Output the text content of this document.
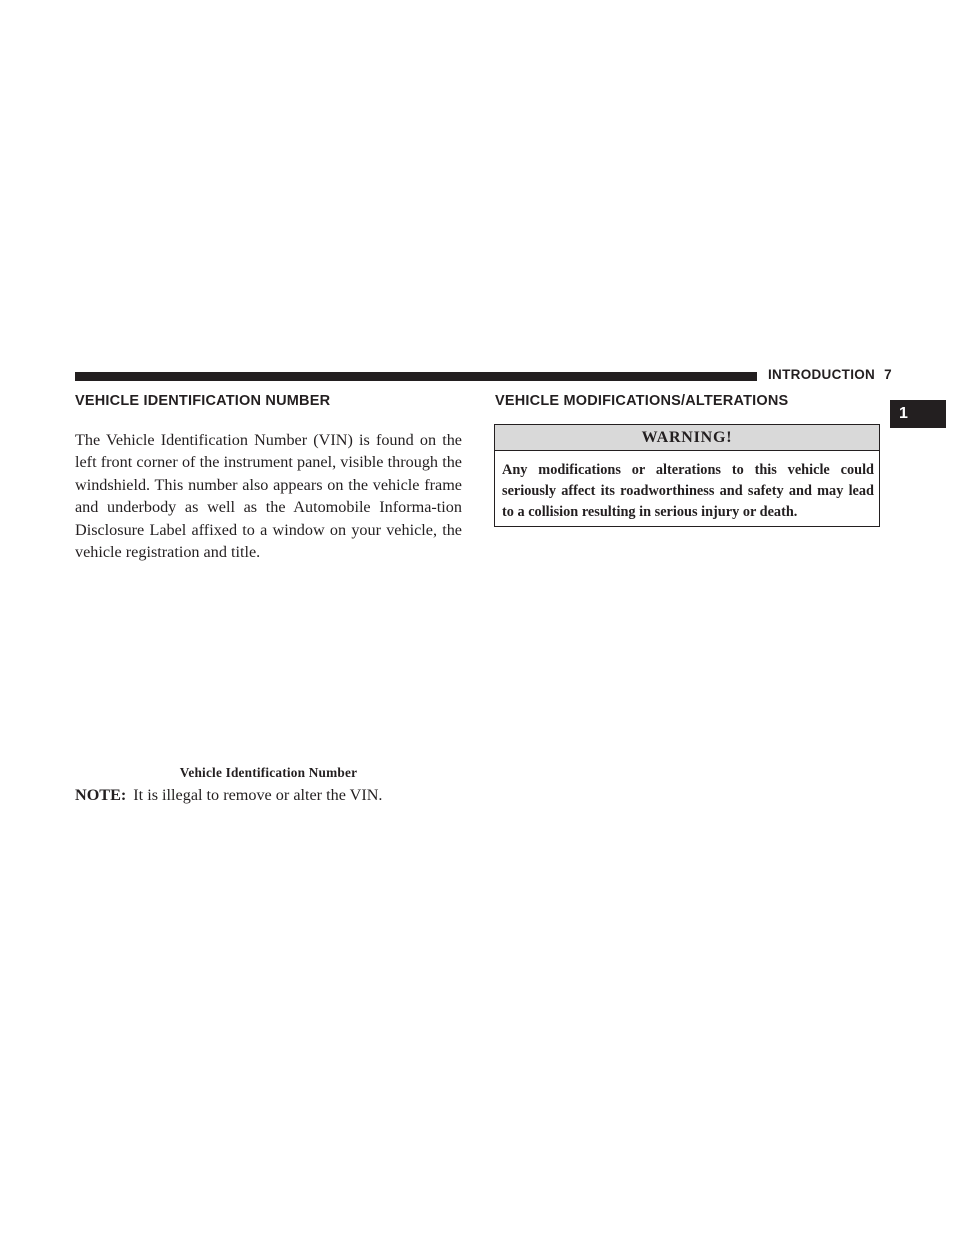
INTRODUCTION 7
1
VEHICLE IDENTIFICATION NUMBER
The Vehicle Identification Number (VIN) is found on the left front corner of the instrument panel, visible through the windshield. This number also appears on the vehicle frame and underbody as well as the Automobile Informa-tion Disclosure Label affixed to a window on your vehicle, the vehicle registration and title.
Vehicle Identification Number
NOTE: It is illegal to remove or alter the VIN.
VEHICLE MODIFICATIONS/ALTERATIONS
WARNING!
Any modifications or alterations to this vehicle could seriously affect its roadworthiness and safety and may lead to a collision resulting in serious injury or death.
